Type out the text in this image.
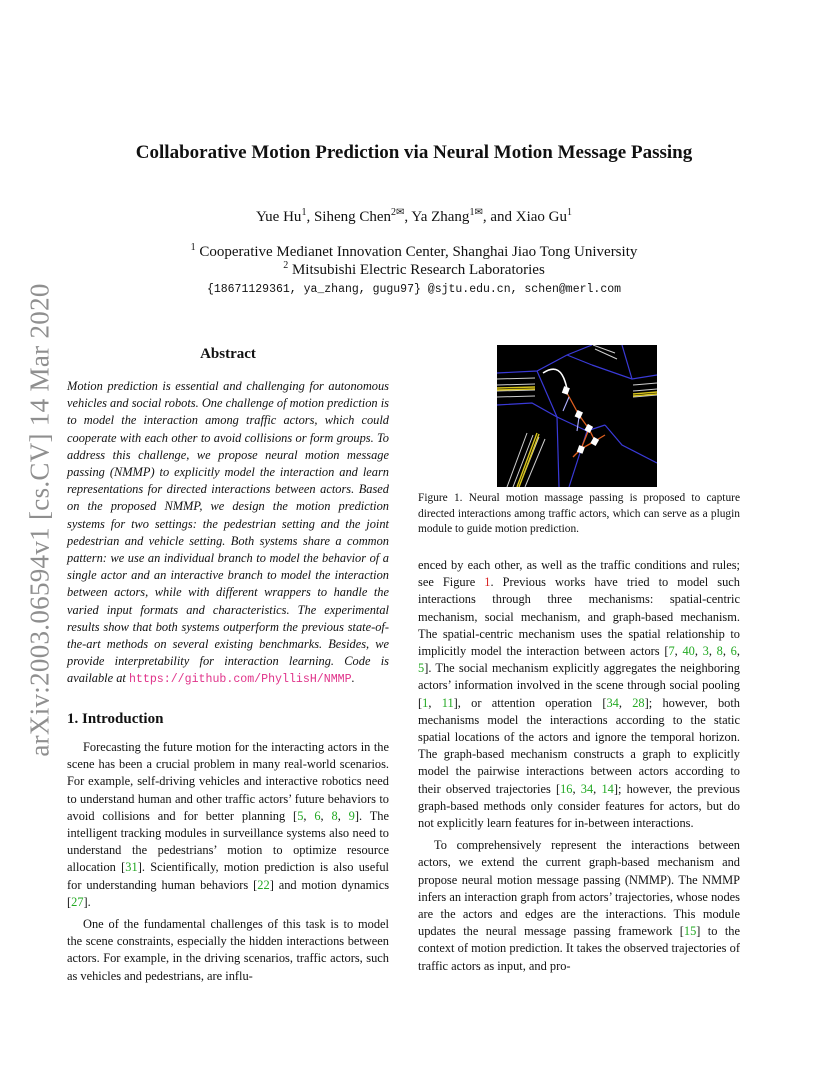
arXiv:2003.06594v1 [cs.CV] 14 Mar 2020
Collaborative Motion Prediction via Neural Motion Message Passing
Yue Hu$^1$, Siheng Chen$^{2✉}$, Ya Zhang$^{1✉}$, and Xiao Gu$^1$
$^1$ Cooperative Medianet Innovation Center, Shanghai Jiao Tong University
$^2$ Mitsubishi Electric Research Laboratories
{18671129361, ya_zhang, gugu97} @sjtu.edu.cn, schen@merl.com
Abstract
Motion prediction is essential and challenging for autonomous vehicles and social robots. One challenge of motion prediction is to model the interaction among traffic actors, which could cooperate with each other to avoid collisions or form groups. To address this challenge, we propose neural motion message passing (NMMP) to explicitly model the interaction and learn representations for directed interactions between actors. Based on the proposed NMMP, we design the motion prediction systems for two settings: the pedestrian setting and the joint pedestrian and vehicle setting. Both systems share a common pattern: we use an individual branch to model the behavior of a single actor and an interactive branch to model the interaction between actors, while with different wrappers to handle the varied input formats and characteristics. The experimental results show that both systems outperform the previous state-of-the-art methods on several existing benchmarks. Besides, we provide interpretability for interaction learning. Code is available at https://github.com/PhyllisH/NMMP.
1. Introduction

Forecasting the future motion for the interacting actors in the scene has been a crucial problem in many real-world scenarios. For example, self-driving vehicles and interactive robotics need to understand human and other traffic actors’ future behaviors to avoid collisions and for better planning [5, 6, 8, 9]. The intelligent tracking modules in surveillance systems also need to understand the pedestrians’ motion to optimize resource allocation [31]. Scientifically, motion prediction is also useful for understanding human behaviors [22] and motion dynamics [27].

One of the fundamental challenges of this task is to model the scene constraints, especially the hidden interactions between actors. For example, in the driving scenarios, traffic actors, such as vehicles and pedestrians, are influ-

Figure 1. Neural motion massage passing is proposed to capture directed interactions among traffic actors, which can serve as a plugin module to guide motion prediction.

enced by each other, as well as the traffic conditions and rules; see Figure 1. Previous works have tried to model such interactions through three mechanisms: spatial-centric mechanism, social mechanism, and graph-based mechanism. The spatial-centric mechanism uses the spatial relationship to implicitly model the interaction between actors [7, 40, 3, 8, 6, 5]. The social mechanism explicitly aggregates the neighboring actors’ information involved in the scene through social pooling [1, 11], or attention operation [34, 28]; however, both mechanisms model the interactions according to the static spatial locations of the actors and ignore the temporal horizon. The graph-based mechanism constructs a graph to explicitly model the pairwise interactions between actors according to their observed trajectories [16, 34, 14]; however, the previous graph-based methods only consider features for actors, but do not explicitly learn features for in-between interactions.

To comprehensively represent the interactions between actors, we extend the current graph-based mechanism and propose neural motion message passing (NMMP). The NMMP infers an interaction graph from actors’ trajectories, whose nodes are the actors and edges are the interactions. This module updates the neural message passing framework [15] to the context of motion prediction. It takes the observed trajectories of traffic actors as input, and pro-
